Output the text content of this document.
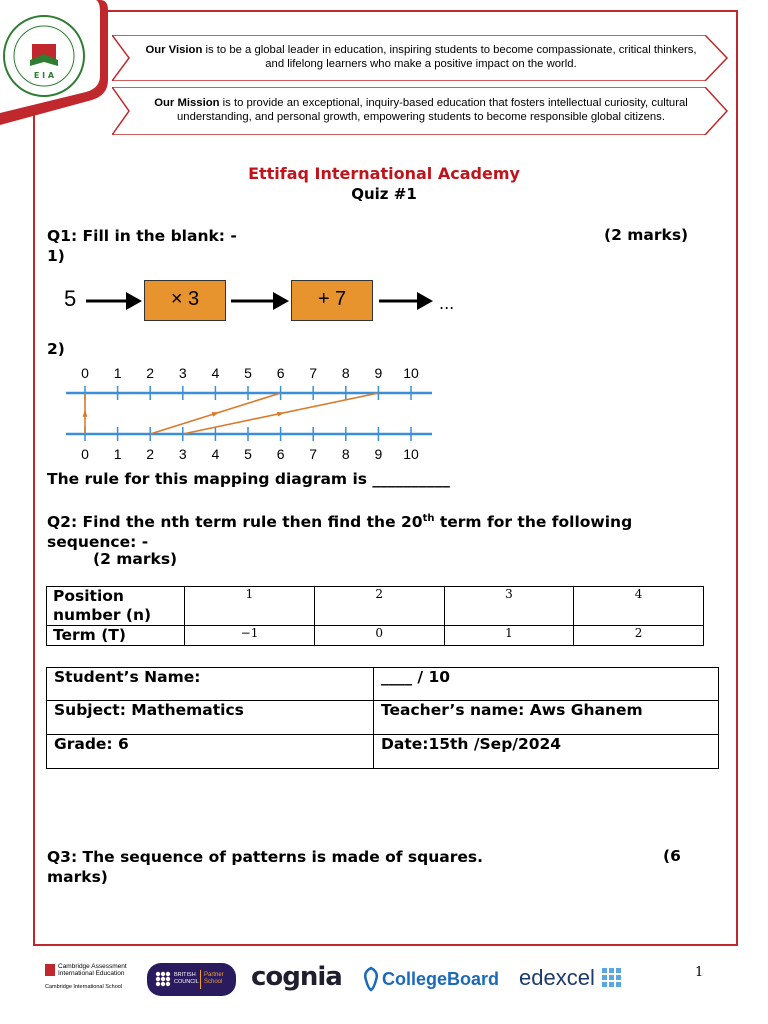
E I A
Our Vision is to be a global leader in education, inspiring students to become compassionate, critical thinkers, and lifelong learners who make a positive impact on the world.
Our Mission is to provide an exceptional, inquiry-based education that fosters intellectual curiosity, cultural understanding, and personal growth, empowering students to become responsible global citizens.
Ettifaq International Academy
Quiz #1
Q1: Fill in the blank: -	(2 marks)
1)
5	× 3	+ 7	...
2)
0 1 2 3 4 5 6 7 8 9 10
0 1 2 3 4 5 6 7 8 9 10
The rule for this mapping diagram is __________
Q2: Find the nth term rule then find the 20th term for the following sequence: -
(2 marks)
Position number (n)	1	2	3	4
Term (T)	−1	0	1	2
Student’s Name:	____ / 10
Subject: Mathematics	Teacher’s name: Aws Ghanem
Grade: 6	Date:15th /Sep/2024
Q3: The sequence of patterns is made of squares.	(6
marks)
Cambridge Assessment
International Education
Cambridge International School
BRITISH
COUNCIL
Partner
School cognia CollegeBoard edexcel	1
